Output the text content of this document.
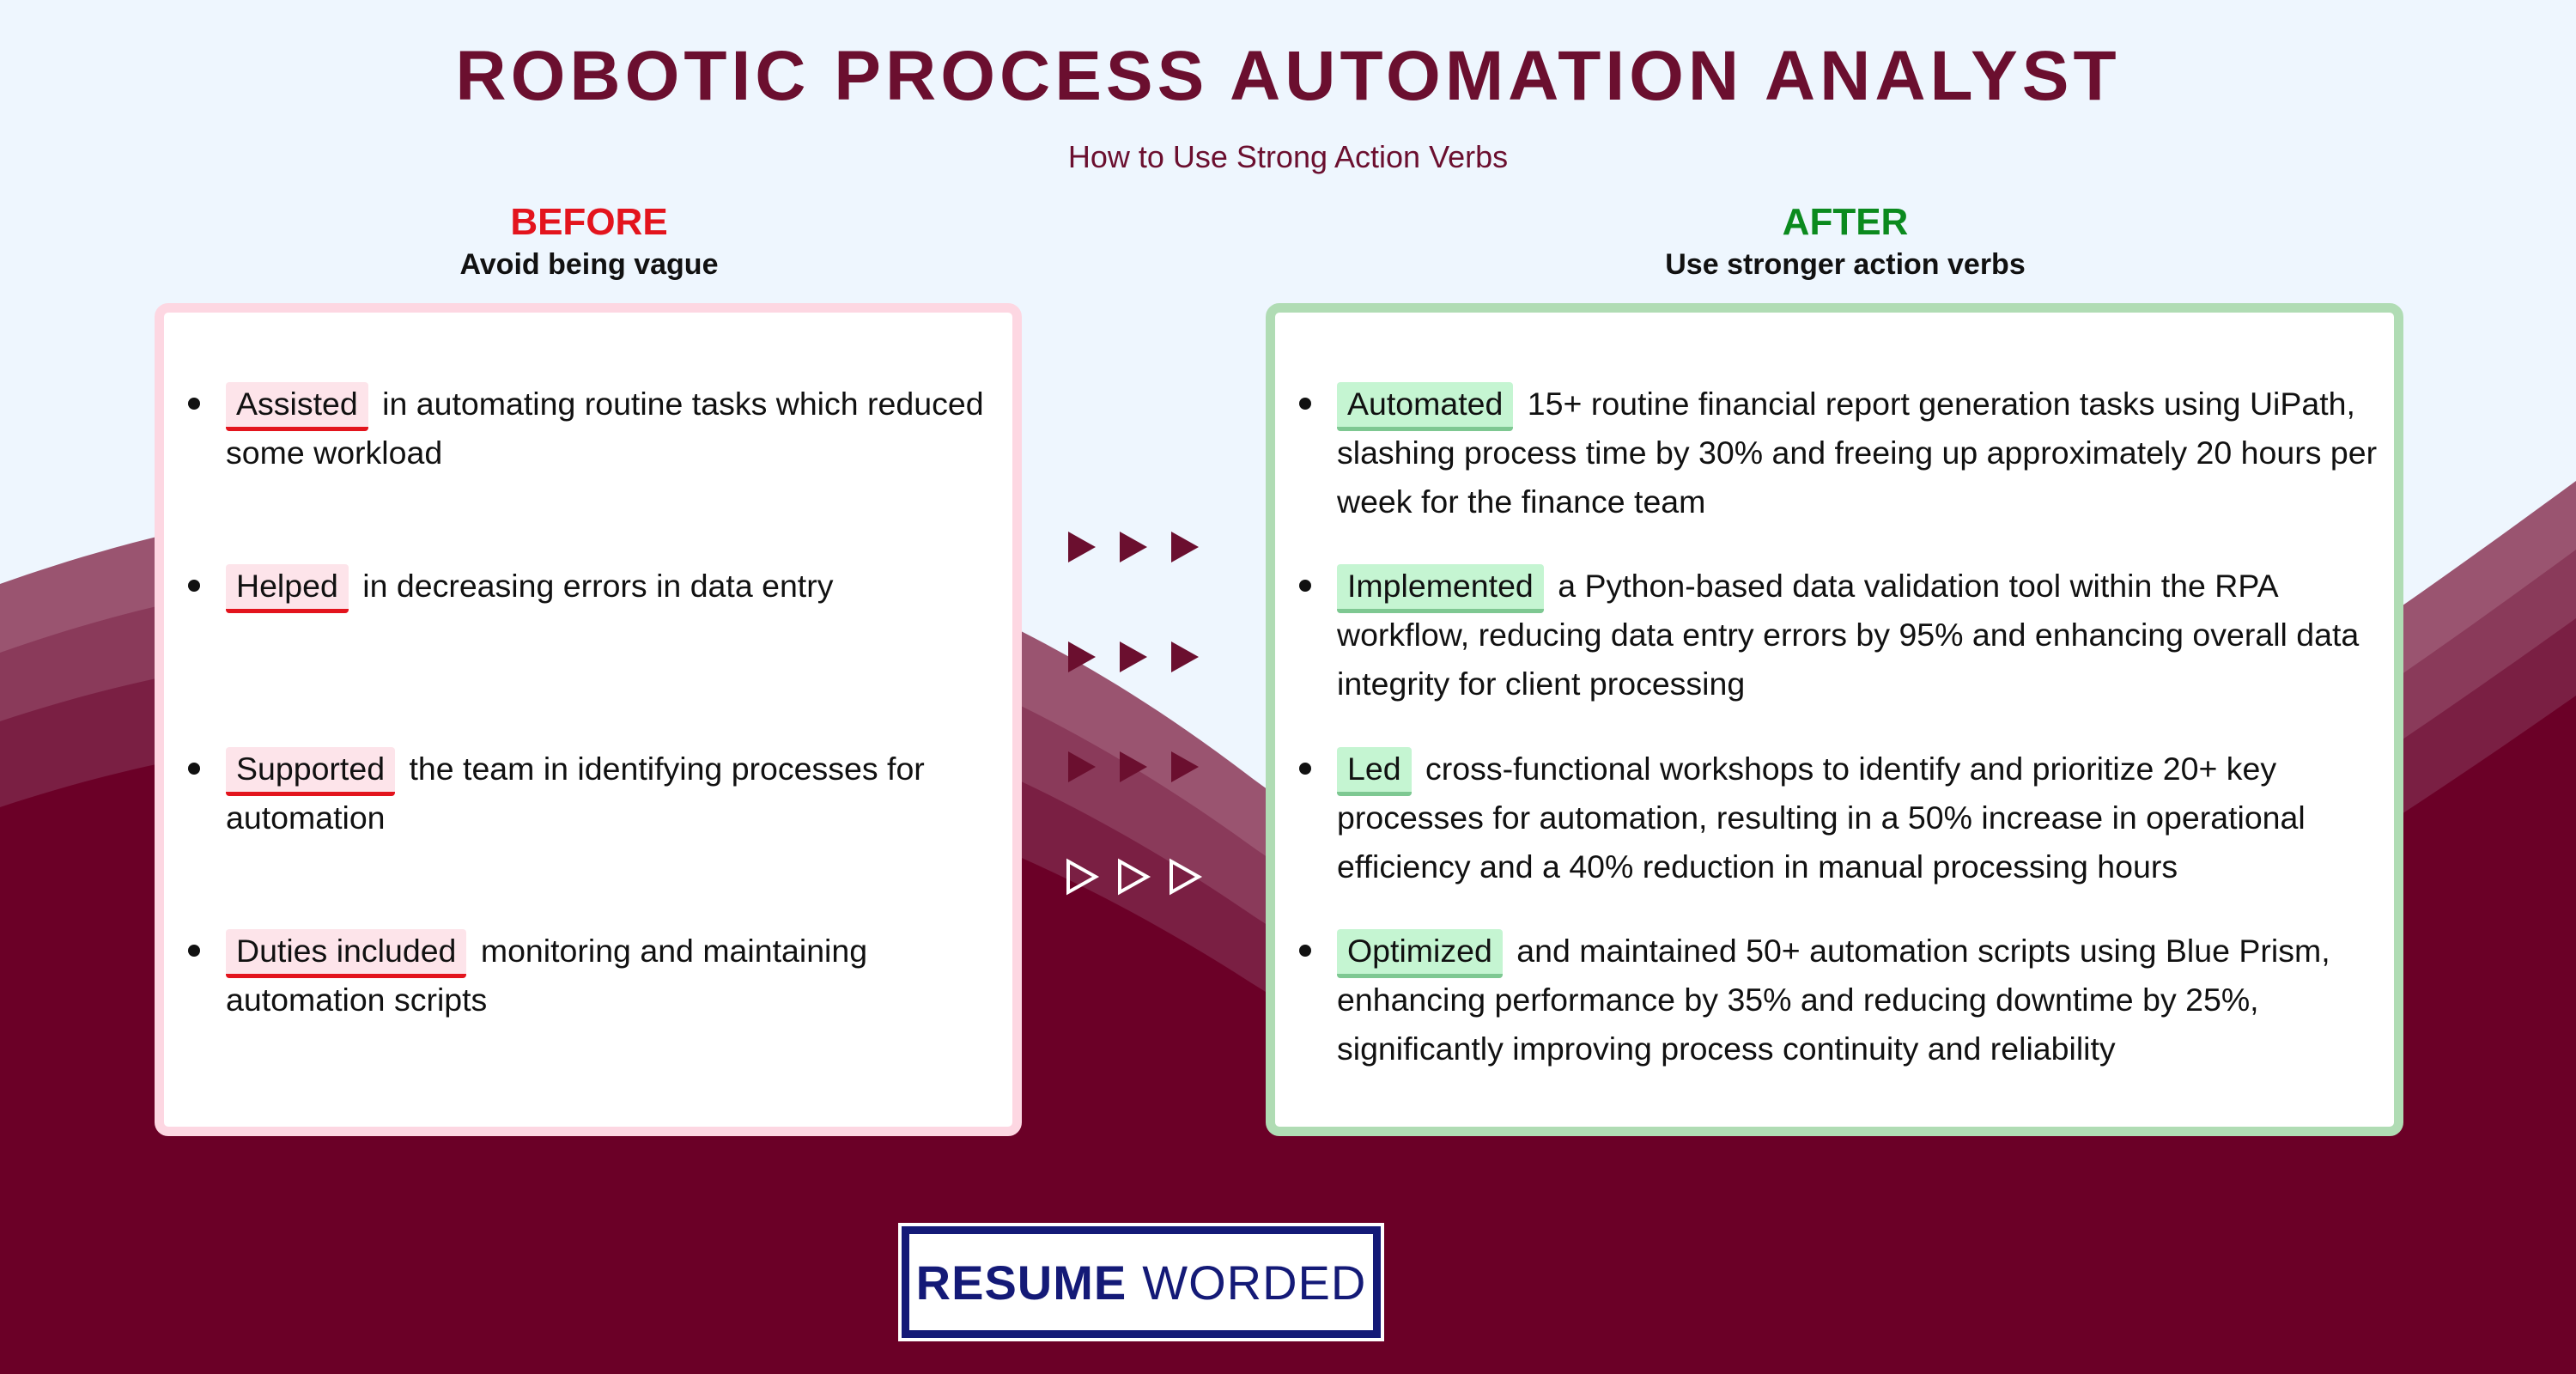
ROBOTIC PROCESS AUTOMATION ANALYST
How to Use Strong Action Verbs
BEFORE
Avoid being vague
AFTER
Use stronger action verbs
Assisted in automating routine tasks which reduced some workload
Helped in decreasing errors in data entry
Supported the team in identifying processes for automation
Duties included monitoring and maintaining automation scripts
Automated 15+ routine financial report generation tasks using UiPath, slashing process time by 30% and freeing up approximately 20 hours per week for the finance team
Implemented a Python-based data validation tool within the RPA workflow, reducing data entry errors by 95% and enhancing overall data integrity for client processing
Led cross-functional workshops to identify and prioritize 20+ key processes for automation, resulting in a 50% increase in operational efficiency and a 40% reduction in manual processing hours
Optimized and maintained 50+ automation scripts using Blue Prism, enhancing performance by 35% and reducing downtime by 25%, significantly improving process continuity and reliability
RESUME WORDED
